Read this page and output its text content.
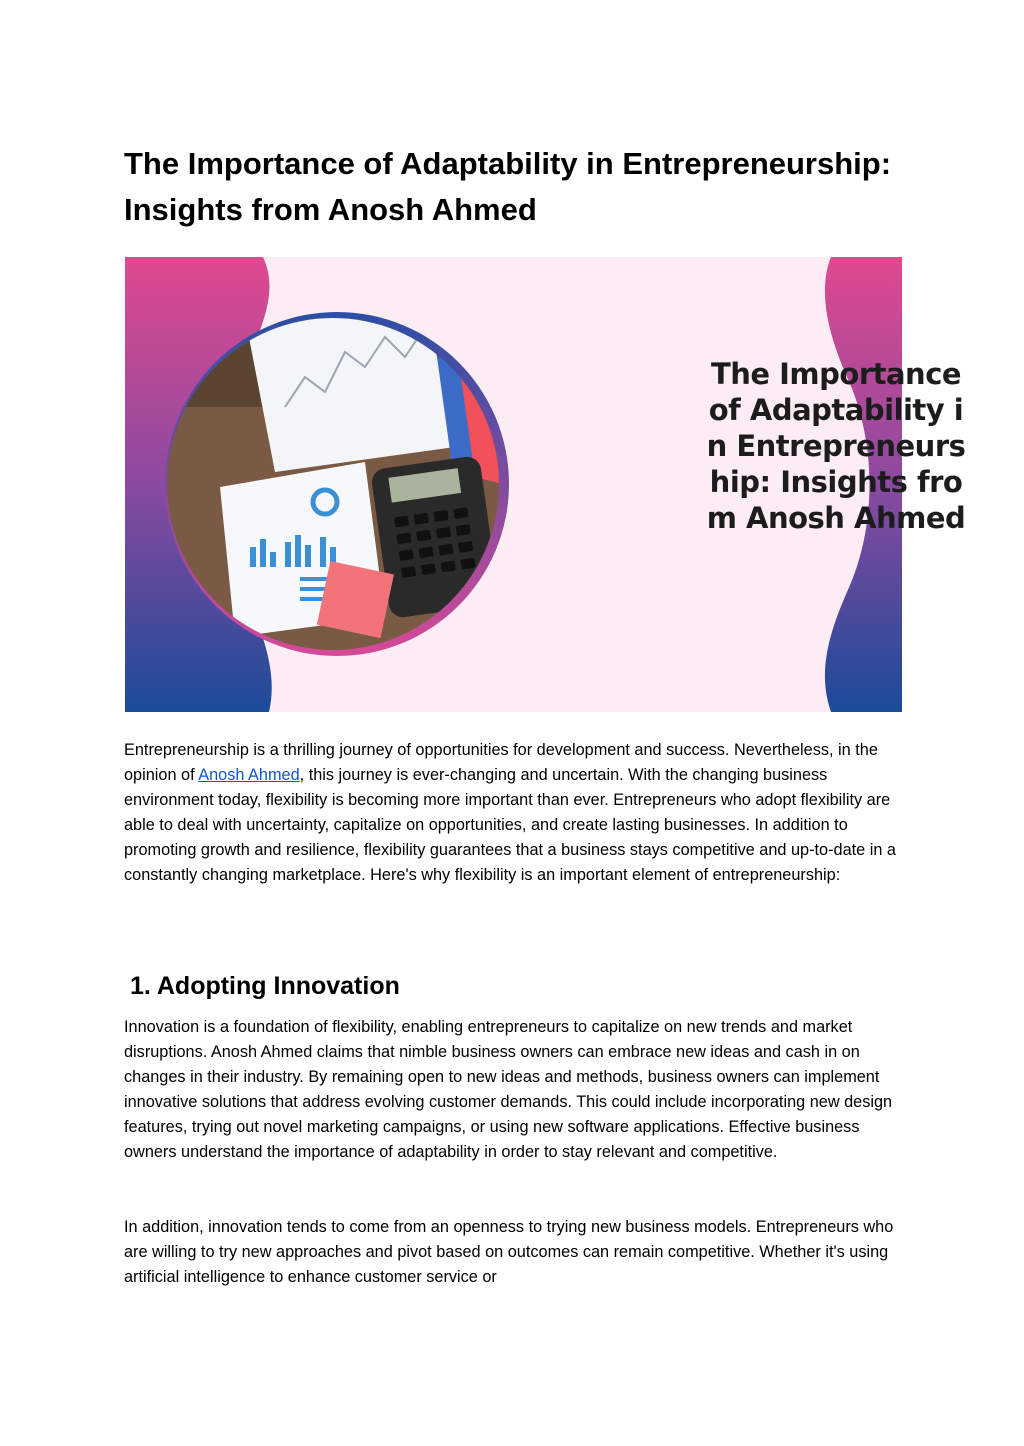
The Importance of Adaptability in Entrepreneurship: Insights from Anosh Ahmed
The Importance of Adaptability in Entrepreneurship: Insights from Anosh Ahmed

Entrepreneurship is a thrilling journey of opportunities for development and success. Nevertheless, in the opinion of Anosh Ahmed, this journey is ever-changing and uncertain. With the changing business environment today, flexibility is becoming more important than ever. Entrepreneurs who adopt flexibility are able to deal with uncertainty, capitalize on opportunities, and create lasting businesses. In addition to promoting growth and resilience, flexibility guarantees that a business stays competitive and up-to-date in a constantly changing marketplace. Here's why flexibility is an important element of entrepreneurship:

1. Adopting Innovation

Innovation is a foundation of flexibility, enabling entrepreneurs to capitalize on new trends and market disruptions. Anosh Ahmed claims that nimble business owners can embrace new ideas and cash in on changes in their industry. By remaining open to new ideas and methods, business owners can implement innovative solutions that address evolving customer demands. This could include incorporating new design features, trying out novel marketing campaigns, or using new software applications. Effective business owners understand the importance of adaptability in order to stay relevant and competitive.

In addition, innovation tends to come from an openness to trying new business models. Entrepreneurs who are willing to try new approaches and pivot based on outcomes can remain competitive. Whether it's using artificial intelligence to enhance customer service or
